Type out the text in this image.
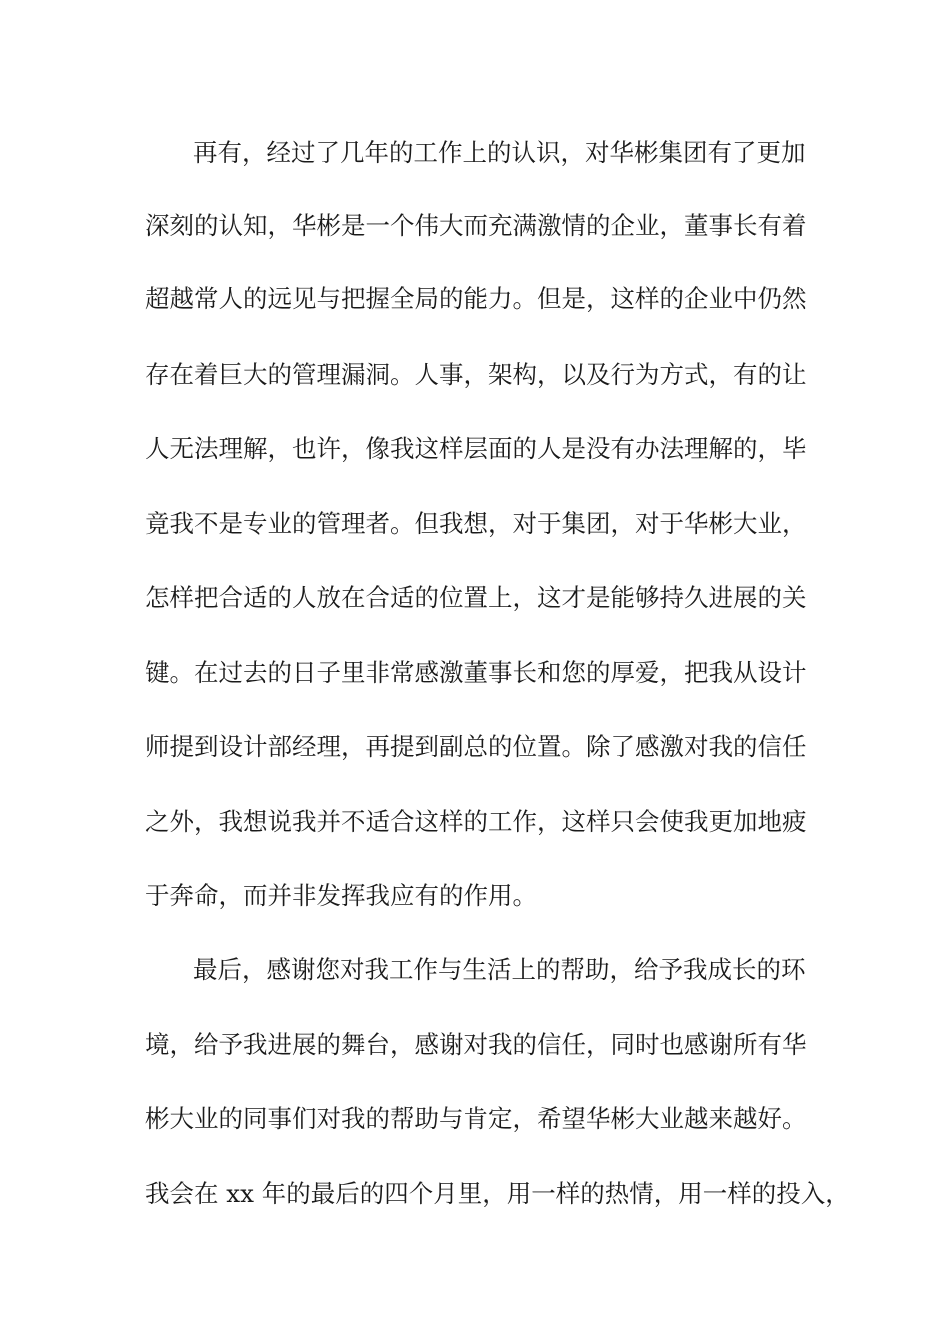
再有，经过了几年的工作上的认识，对华彬集团有了更加
深刻的认知，华彬是一个伟大而充满激情的企业，董事长有着
超越常人的远见与把握全局的能力。但是，这样的企业中仍然
存在着巨大的管理漏洞。人事，架构，以及行为方式，有的让
人无法理解，也许，像我这样层面的人是没有办法理解的，毕
竟我不是专业的管理者。但我想，对于集团，对于华彬大业，
怎样把合适的人放在合适的位置上，这才是能够持久进展的关
键。在过去的日子里非常感激董事长和您的厚爱，把我从设计
师提到设计部经理，再提到副总的位置。除了感激对我的信任
之外，我想说我并不适合这样的工作，这样只会使我更加地疲
于奔命，而并非发挥我应有的作用。
最后，感谢您对我工作与生活上的帮助，给予我成长的环
境，给予我进展的舞台，感谢对我的信任，同时也感谢所有华
彬大业的同事们对我的帮助与肯定，希望华彬大业越来越好。
我会在 xx 年的最后的四个月里，用一样的热情，用一样的投入，
